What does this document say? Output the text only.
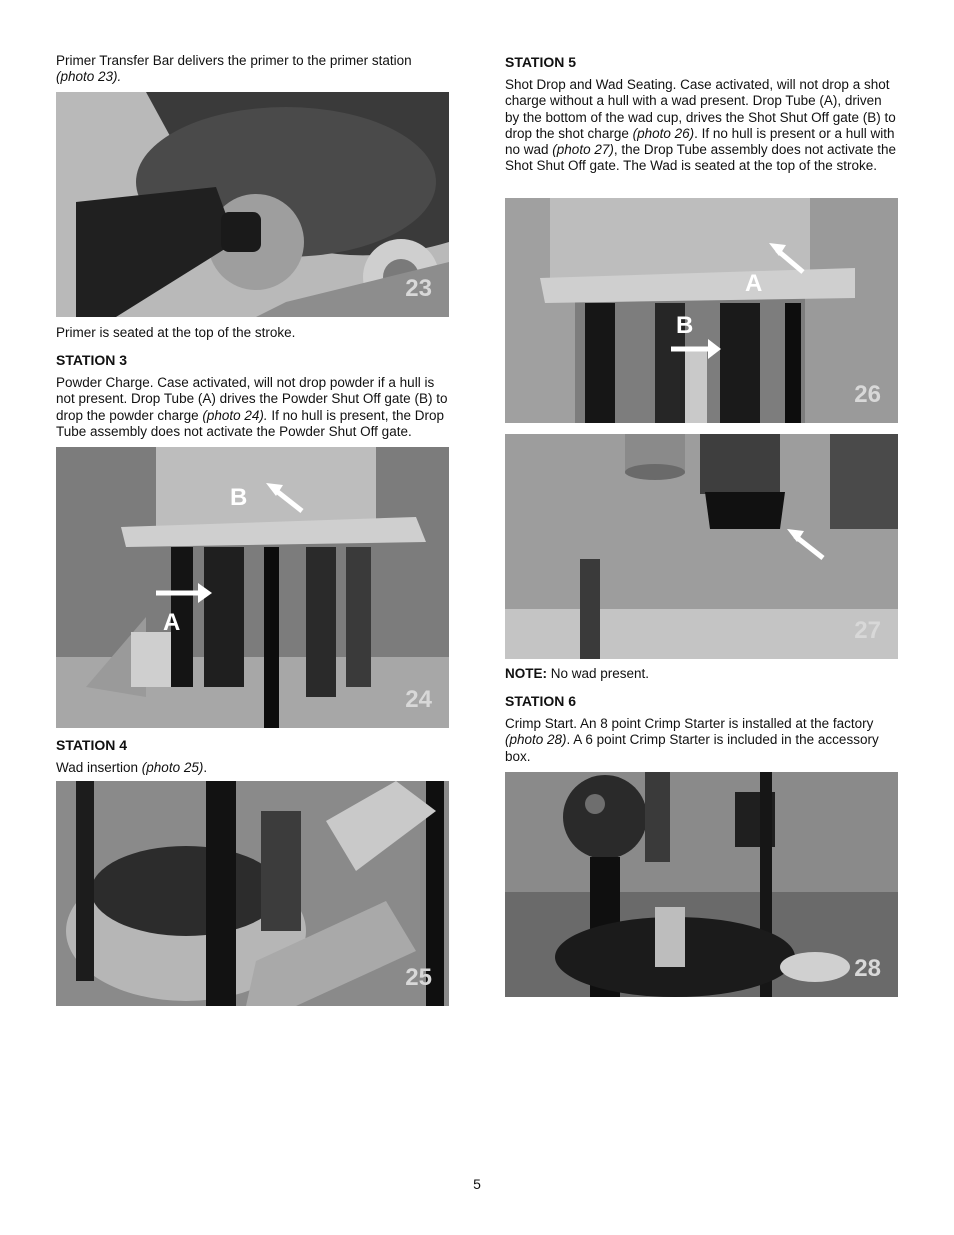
Primer Transfer Bar delivers the primer to the primer station
(photo 23).

23

Primer is seated at the top of the stroke.

STATION 3

Powder Charge. Case activated, will not drop powder if a hull is not present. Drop Tube (A) drives the Powder Shut Off gate (B) to drop the powder charge (photo 24). If no hull is present, the Drop Tube assembly does not activate the Powder Shut Off gate.

B
A
24
STATION 4

Wad insertion (photo 25).

25
STATION 5

Shot Drop and Wad Seating. Case activated, will not drop a shot charge without a hull with a wad present. Drop Tube (A), driven by the bottom of the wad cup, drives the Shot Shut Off gate (B) to drop the shot charge (photo 26). If no hull is present or a hull with no wad (photo 27), the Drop Tube assembly does not activate the Shot Shut Off gate. The Wad is seated at the top of the stroke.

A
B
26
27

NOTE: No wad present.

STATION 6

Crimp Start. An 8 point Crimp Starter is installed at the factory (photo 28). A 6 point Crimp Starter is included in the accessory box.

28
5
